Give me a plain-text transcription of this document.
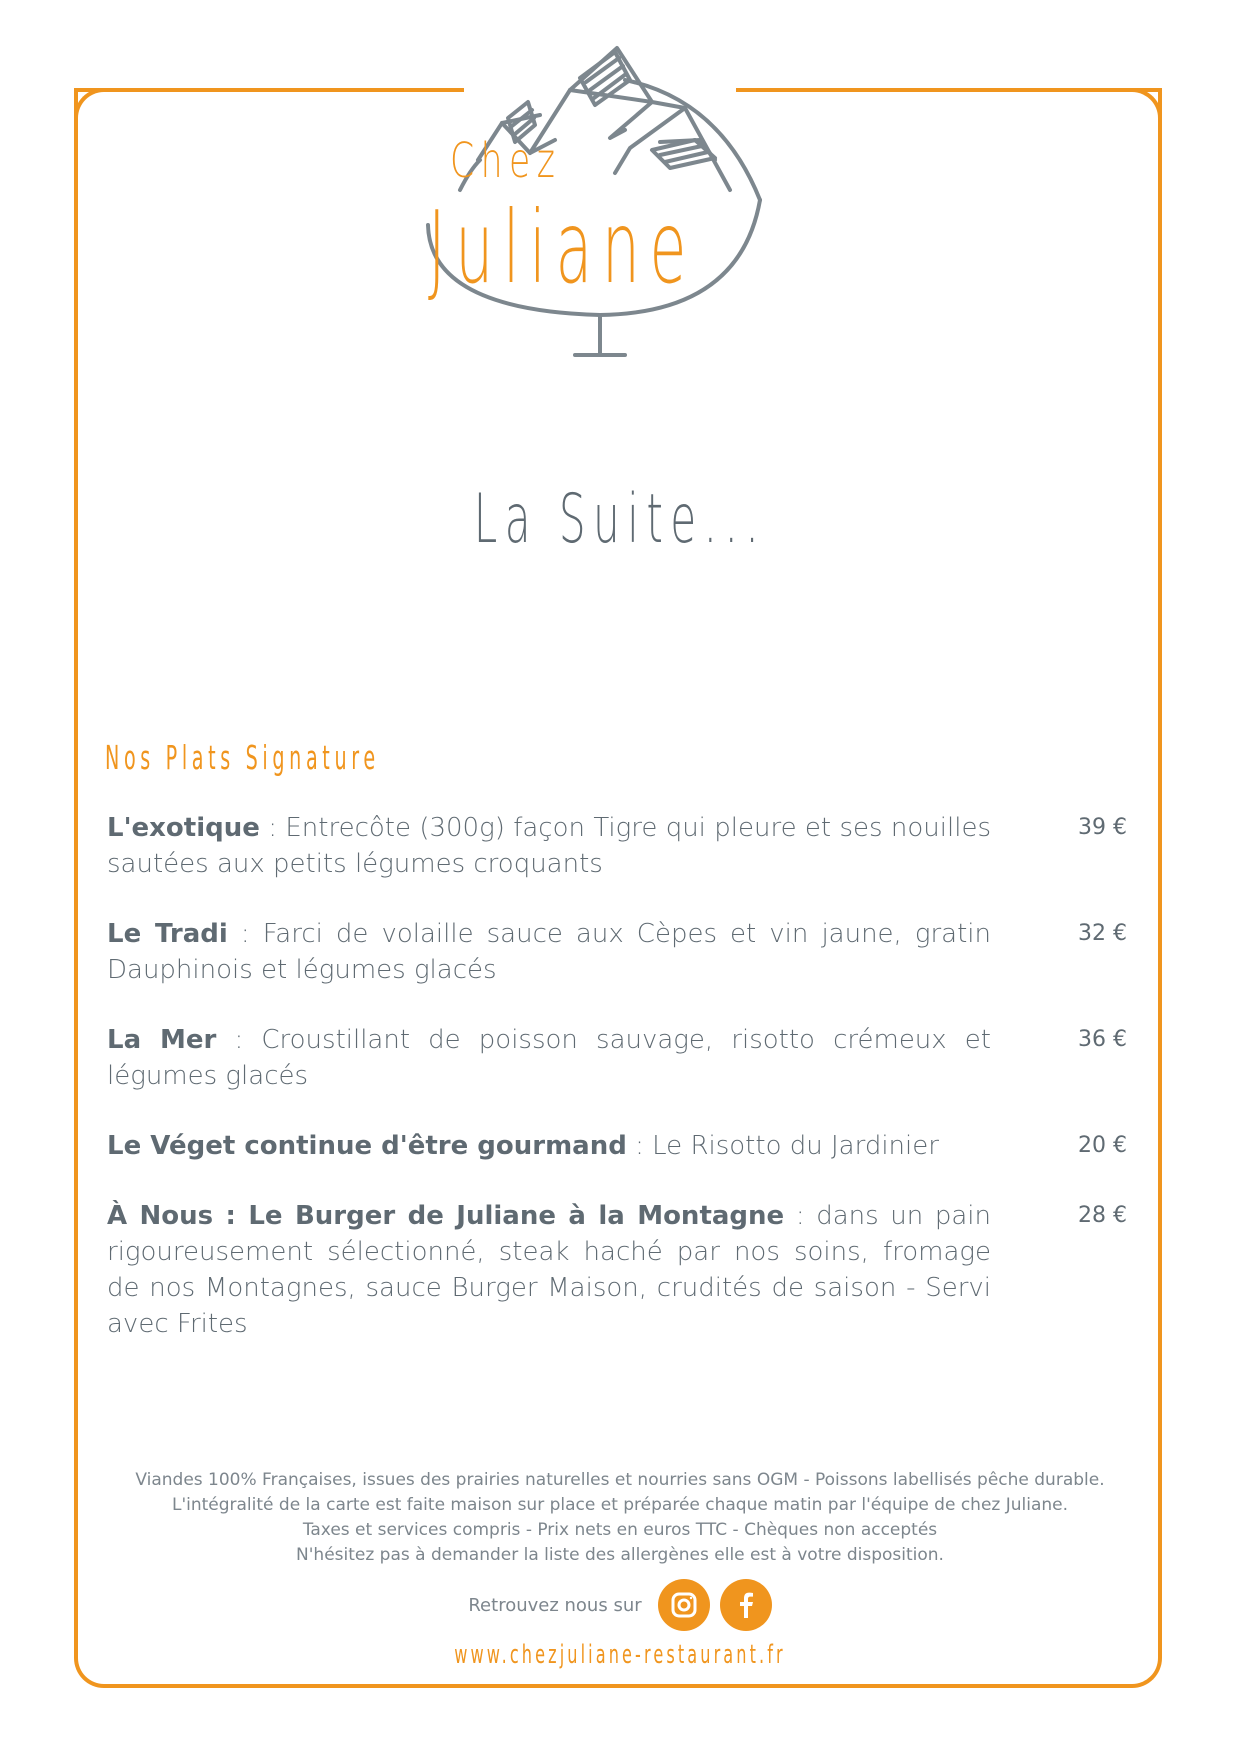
Chez
Juliane
La Suite...
Nos Plats Signature
L'exotique : Entrecôte (300g) façon Tigre qui pleure et ses nouilles sautées aux petits légumes croquants
39 €
Le Tradi : Farci de volaille sauce aux Cèpes et vin jaune, gratin Dauphinois et légumes glacés
32 €
La Mer : Croustillant de poisson sauvage, risotto crémeux et légumes glacés
36 €
Le Véget continue d'être gourmand : Le Risotto du Jardinier	20 €
À Nous : Le Burger de Juliane à la Montagne : dans un pain rigoureusement sélectionné, steak haché par nos soins, fromage de nos Montagnes, sauce Burger Maison, crudités de saison - Servi avec Frites
28 €
Viandes 100% Françaises, issues des prairies naturelles et nourries sans OGM - Poissons labellisés pêche durable.
L'intégralité de la carte est faite maison sur place et préparée chaque matin par l'équipe de chez Juliane.
Taxes et services compris - Prix nets en euros TTC - Chèques non acceptés
N'hésitez pas à demander la liste des allergènes elle est à votre disposition.
Retrouvez nous sur
www.chezjuliane-restaurant.fr
